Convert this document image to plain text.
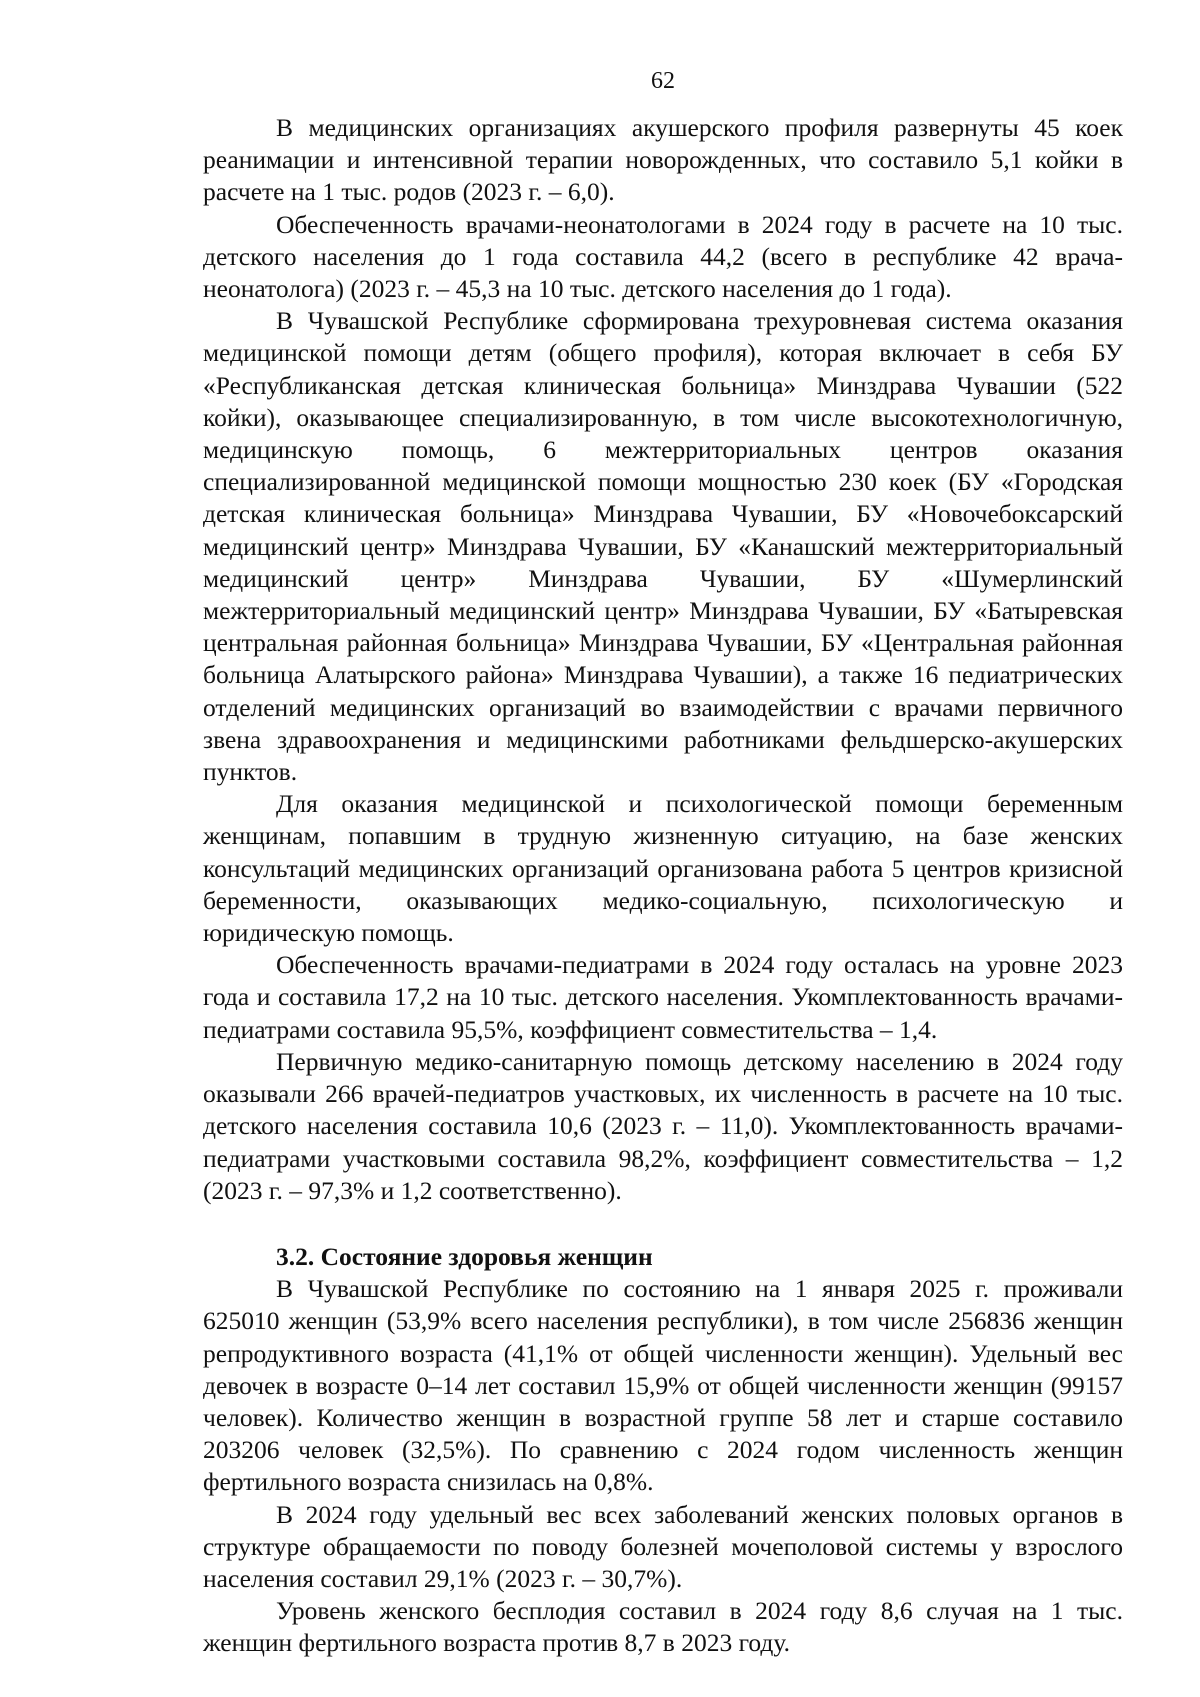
62

В медицинских организациях акушерского профиля развернуты 45 коек реанимации и интенсивной терапии новорожденных, что составило 5,1 койки в расчете на 1 тыс. родов (2023 г. – 6,0).

Обеспеченность врачами-неонатологами в 2024 году в расчете на 10 тыс. детского населения до 1 года составила 44,2 (всего в республике 42 врача-неонатолога) (2023 г. – 45,3 на 10 тыс. детского населения до 1 года).

В Чувашской Республике сформирована трехуровневая система оказания медицинской помощи детям (общего профиля), которая включает в себя БУ «Республиканская детская клиническая больница» Минздрава Чувашии (522 койки), оказывающее специализированную, в том числе высокотехнологичную, медицинскую помощь, 6 межтерриториальных центров оказания специализированной медицинской помощи мощностью 230 коек (БУ «Городская детская клиническая больница» Минздрава Чувашии, БУ «Новочебоксарский медицинский центр» Минздрава Чувашии, БУ «Канашский межтерриториальный медицинский центр» Минздрава Чувашии, БУ «Шумерлинский межтерриториальный медицинский центр» Минздрава Чувашии, БУ «Батыревская центральная районная больница» Минздрава Чувашии, БУ «Центральная районная больница Алатырского района» Минздрава Чувашии), а также 16 педиатрических отделений медицинских организаций во взаимодействии с врачами первичного звена здравоохранения и медицинскими работниками фельдшерско-акушерских пунктов.

Для оказания медицинской и психологической помощи беременным женщинам, попавшим в трудную жизненную ситуацию, на базе женских консультаций медицинских организаций организована работа 5 центров кризисной беременности, оказывающих медико-социальную, психологическую и юридическую помощь.

Обеспеченность врачами-педиатрами в 2024 году осталась на уровне 2023 года и составила 17,2 на 10 тыс. детского населения. Укомплектованность врачами-педиатрами составила 95,5%, коэффициент совместительства – 1,4.

Первичную медико-санитарную помощь детскому населению в 2024 году оказывали 266 врачей-педиатров участковых, их численность в расчете на 10 тыс. детского населения составила 10,6 (2023 г. – 11,0). Укомплектованность врачами-педиатрами участковыми составила 98,2%, коэффициент совместительства – 1,2 (2023 г. – 97,3% и 1,2 соответственно).

3.2. Состояние здоровья женщин

В Чувашской Республике по состоянию на 1 января 2025 г. проживали 625010 женщин (53,9% всего населения республики), в том числе 256836 женщин репродуктивного возраста (41,1% от общей численности женщин). Удельный вес девочек в возрасте 0–14 лет составил 15,9% от общей численности женщин (99157 человек). Количество женщин в возрастной группе 58 лет и старше составило 203206 человек (32,5%). По сравнению с 2024 годом численность женщин фертильного возраста снизилась на 0,8%.

В 2024 году удельный вес всех заболеваний женских половых органов в структуре обращаемости по поводу болезней мочеполовой системы у взрослого населения составил 29,1% (2023 г. – 30,7%).

Уровень женского бесплодия составил в 2024 году 8,6 случая на 1 тыс. женщин фертильного возраста против 8,7 в 2023 году.
